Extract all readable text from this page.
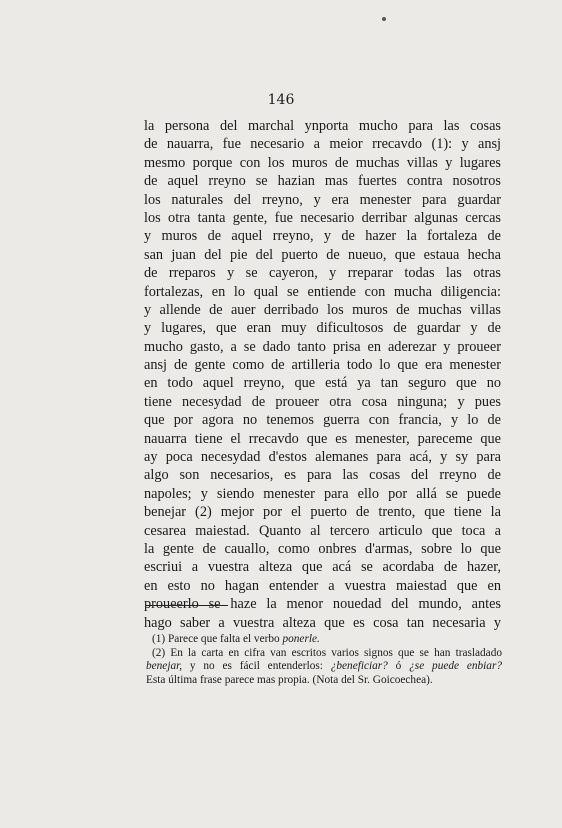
146
la persona del marchal ynporta mucho para las cosas
de nauarra, fue necesario a meior rrecavdo (1): y ansj
mesmo porque con los muros de muchas villas y lugares
de aquel rreyno se hazian mas fuertes contra nosotros
los naturales del rreyno, y era menester para guardar
los otra tanta gente, fue necesario derribar algunas cercas
y muros de aquel rreyno, y de hazer la fortaleza de
san juan del pie del puerto de nueuo, que estaua hecha
de rreparos y se cayeron, y rreparar todas las otras
fortalezas, en lo qual se entiende con mucha diligencia:
y allende de auer derribado los muros de muchas villas
y lugares, que eran muy dificultosos de guardar y de
mucho gasto, a se dado tanto prisa en aderezar y proueer
ansj de gente como de artilleria todo lo que era menester
en todo aquel rreyno, que está ya tan seguro que no
tiene necesydad de proueer otra cosa ninguna; y pues
que por agora no tenemos guerra con francia, y lo de
nauarra tiene el rrecavdo que es menester, pareceme que
ay poca necesydad d'estos alemanes para acá, y sy para
algo son necesarios, es para las cosas del rreyno de
napoles; y siendo menester para ello por allá se puede
benejar (2) mejor por el puerto de trento, que tiene la
cesarea maiestad. Quanto al tercero articulo que toca a
la gente de cauallo, como onbres d'armas, sobre lo que
escriui a vuestra alteza que acá se acordaba de hazer,
en esto no hagan entender a vuestra maiestad que en
prouee​rlo se haze la menor nouedad del mundo, antes
hago saber a vuestra alteza que es cosa tan necesaria y
(1) Parece que falta el verbo ponerle.
(2) En la carta en cifra van escritos varios signos que se han trasladado
benejar, y no es fácil entenderlos: ¿beneficiar? ó ¿se puede enbiar?
Esta última frase parece mas propia. (Nota del Sr. Goicoechea).
